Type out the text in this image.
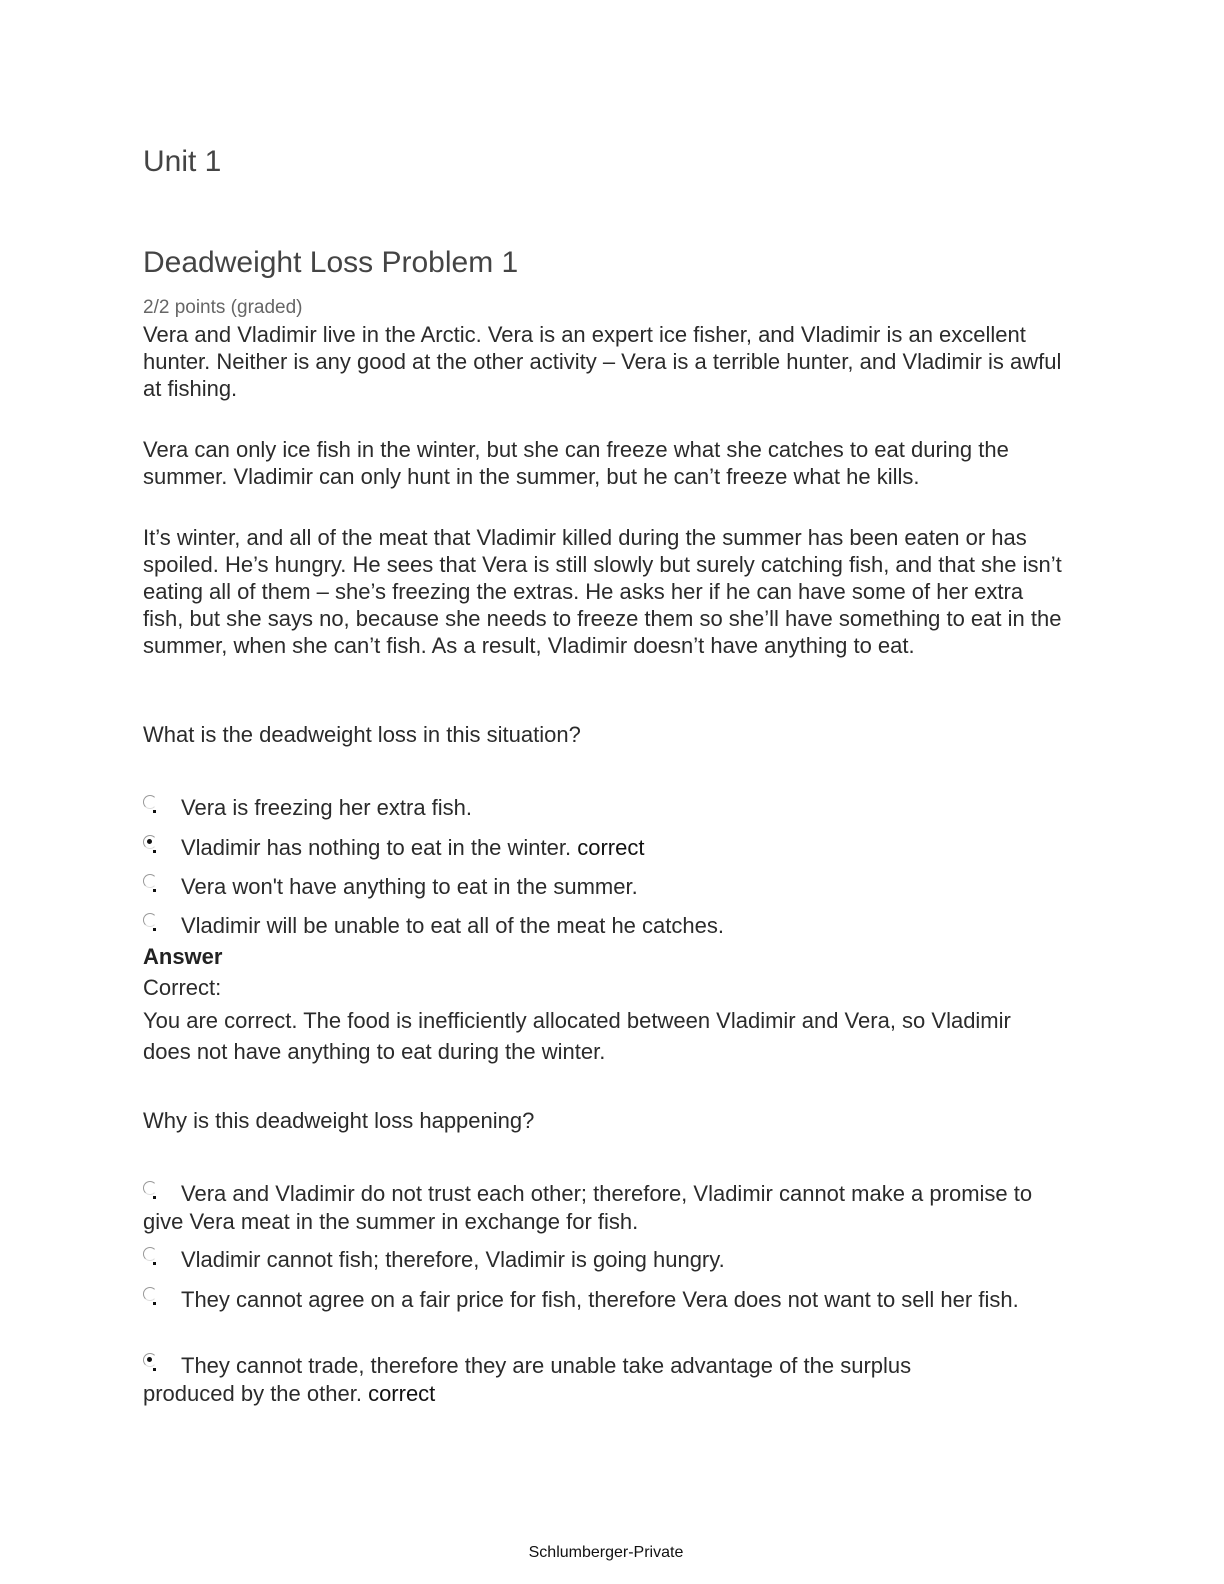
Unit 1
Deadweight Loss Problem 1
2/2 points (graded)
Vera and Vladimir live in the Arctic. Vera is an expert ice fisher, and Vladimir is an excellent hunter. Neither is any good at the other activity – Vera is a terrible hunter, and Vladimir is awful at fishing.
Vera can only ice fish in the winter, but she can freeze what she catches to eat during the summer. Vladimir can only hunt in the summer, but he can’t freeze what he kills.
It’s winter, and all of the meat that Vladimir killed during the summer has been eaten or has spoiled. He’s hungry. He sees that Vera is still slowly but surely catching fish, and that she isn’t eating all of them – she’s freezing the extras. He asks her if he can have some of her extra fish, but she says no, because she needs to freeze them so she’ll have something to eat in the summer, when she can’t fish. As a result, Vladimir doesn’t have anything to eat.
What is the deadweight loss in this situation?
Vera is freezing her extra fish.
Vladimir has nothing to eat in the winter. correct
Vera won't have anything to eat in the summer.
Vladimir will be unable to eat all of the meat he catches.
Answer
Correct:
You are correct. The food is inefficiently allocated between Vladimir and Vera, so Vladimir does not have anything to eat during the winter.
Why is this deadweight loss happening?
Vera and Vladimir do not trust each other; therefore, Vladimir cannot make a promise to give Vera meat in the summer in exchange for fish.
Vladimir cannot fish; therefore, Vladimir is going hungry.
They cannot agree on a fair price for fish, therefore Vera does not want to sell her fish.
They cannot trade, therefore they are unable take advantage of the surplus produced by the other. correct
Schlumberger-Private
